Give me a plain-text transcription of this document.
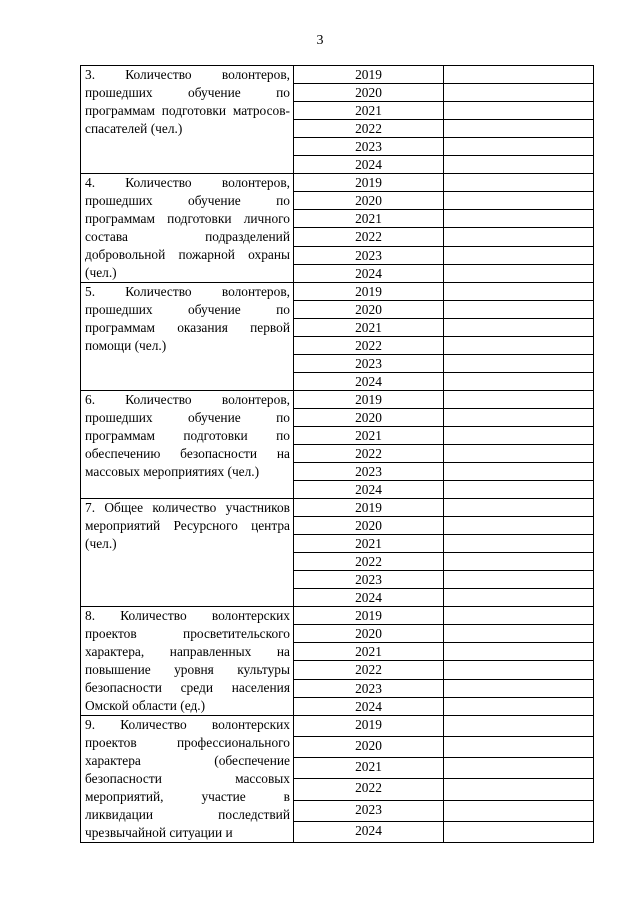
3
3. Количество волонтеров, прошедших обучение по программам подготовки матросов-спасателей (чел.)	2019	
	2020	
	2021	
	2022	
	2023	
	2024	

4. Количество волонтеров, прошедших обучение по программам подготовки личного состава подразделений добровольной пожарной охраны (чел.)	2019	
	2020	
	2021	
	2022	
	2023	
	2024	

5. Количество волонтеров, прошедших обучение по программам оказания первой помощи (чел.)	2019	
	2020	
	2021	
	2022	
	2023	
	2024	

6. Количество волонтеров, прошедших обучение по программам подготовки по обеспечению безопасности на массовых мероприятиях (чел.)	2019	
	2020	
	2021	
	2022	
	2023	
	2024	

7. Общее количество участников мероприятий Ресурсного центра (чел.)	2019	
	2020	
	2021	
	2022	
	2023	
	2024	

8. Количество волонтерских проектов просветительского характера, направленных на повышение уровня культуры безопасности среди населения Омской области (ед.)	2019	
	2020	
	2021	
	2022	
	2023	
	2024	

9. Количество волонтерских проектов профессионального характера (обеспечение безопасности массовых мероприятий, участие в ликвидации последствий чрезвычайной ситуации и	2019	
	2020	
	2021	
	2022	
	2023	
	2024	
